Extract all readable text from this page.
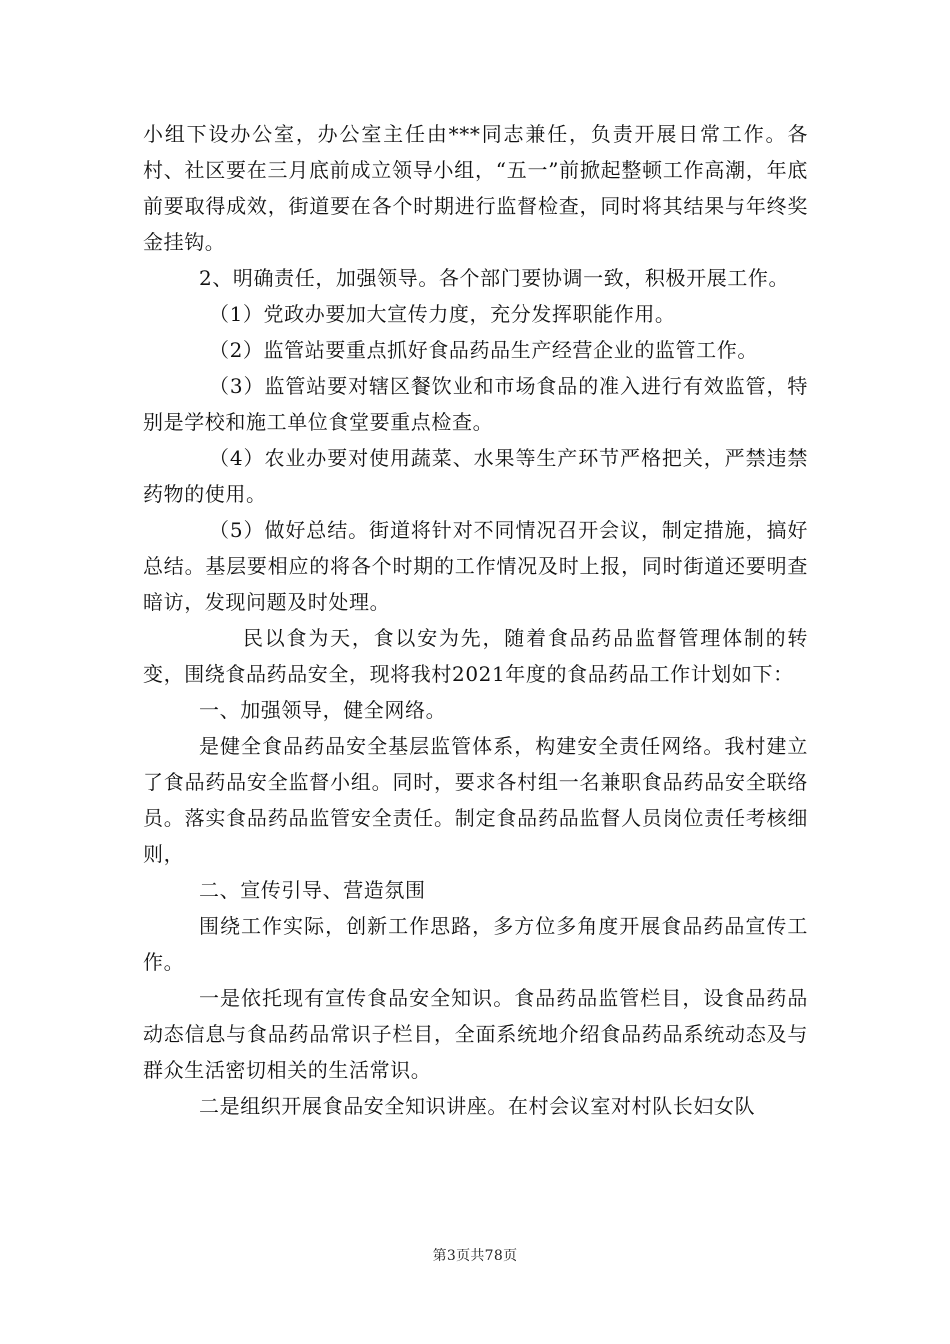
小组下设办公室，办公室主任由***同志兼任，负责开展日常工作。各村、社区要在三月底前成立领导小组，“五一”前掀起整顿工作高潮，年底前要取得成效，街道要在各个时期进行监督检查，同时将其结果与年终奖金挂钩。

2、明确责任，加强领导。各个部门要协调一致，积极开展工作。

（1）党政办要加大宣传力度，充分发挥职能作用。

（2）监管站要重点抓好食品药品生产经营企业的监管工作。

（3）监管站要对辖区餐饮业和市场食品的准入进行有效监管，特别是学校和施工单位食堂要重点检查。

（4）农业办要对使用蔬菜、水果等生产环节严格把关，严禁违禁药物的使用。

（5）做好总结。街道将针对不同情况召开会议，制定措施，搞好总结。基层要相应的将各个时期的工作情况及时上报，同时街道还要明查暗访，发现问题及时处理。

民以食为天，食以安为先，随着食品药品监督管理体制的转变，围绕食品药品安全，现将我村2021年度的食品药品工作计划如下：

一、加强领导，健全网络。

是健全食品药品安全基层监管体系，构建安全责任网络。我村建立了食品药品安全监督小组。同时，要求各村组一名兼职食品药品安全联络员。落实食品药品监管安全责任。制定食品药品监督人员岗位责任考核细则，

二、宣传引导、营造氛围

围绕工作实际，创新工作思路，多方位多角度开展食品药品宣传工作。

一是依托现有宣传食品安全知识。食品药品监管栏目，设食品药品动态信息与食品药品常识子栏目，全面系统地介绍食品药品系统动态及与群众生活密切相关的生活常识。

二是组织开展食品安全知识讲座。在村会议室对村队长妇女队

第3页共78页
